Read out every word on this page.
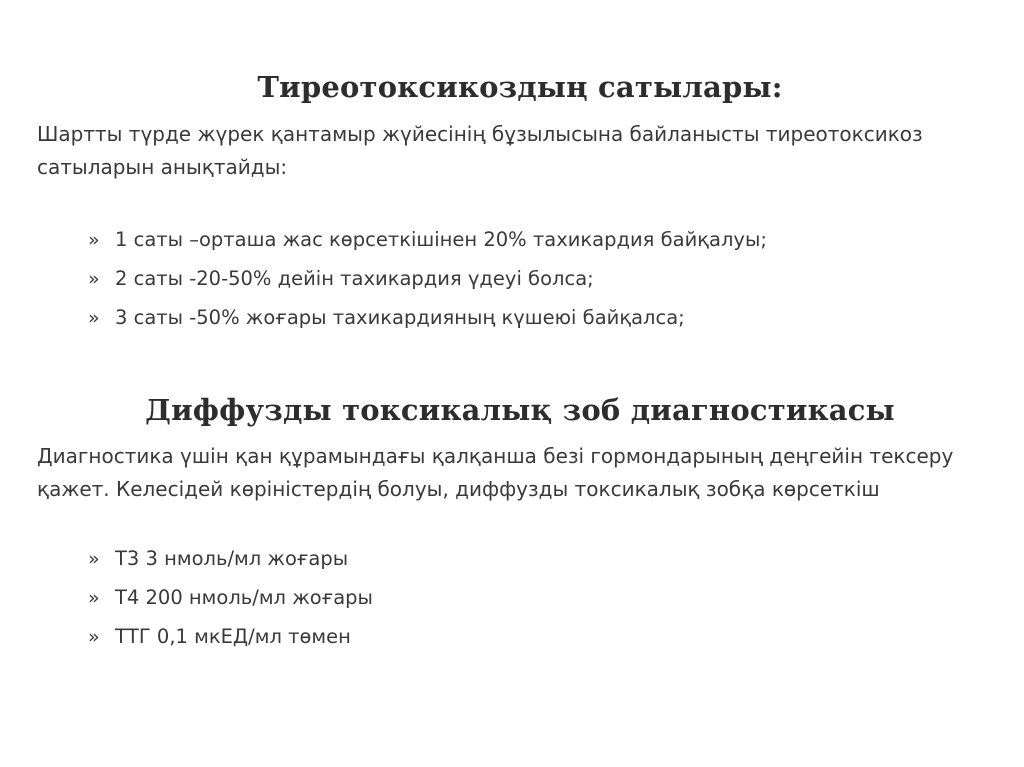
Тиреотоксикоздың сатылары:

Шартты түрде жүрек қантамыр жүйесінің бұзылысына байланысты тиреотоксикоз сатыларын анықтайды:

» 1 саты –орташа жас көрсеткішінен 20% тахикардия байқалуы;
» 2 саты -20-50% дейін тахикардия үдеуі болса;
» 3 саты -50% жоғары тахикардияның күшеюі байқалса;
Диффузды токсикалық зоб диагностикасы

Диагностика үшін қан құрамындағы қалқанша безі гормондарының деңгейін тексеру қажет. Келесідей көріністердің болуы, диффузды токсикалық зобқа көрсеткіш

» Т3 3 нмоль/мл жоғары
» Т4 200 нмоль/мл жоғары
» ТТГ 0,1 мкЕД/мл төмен
